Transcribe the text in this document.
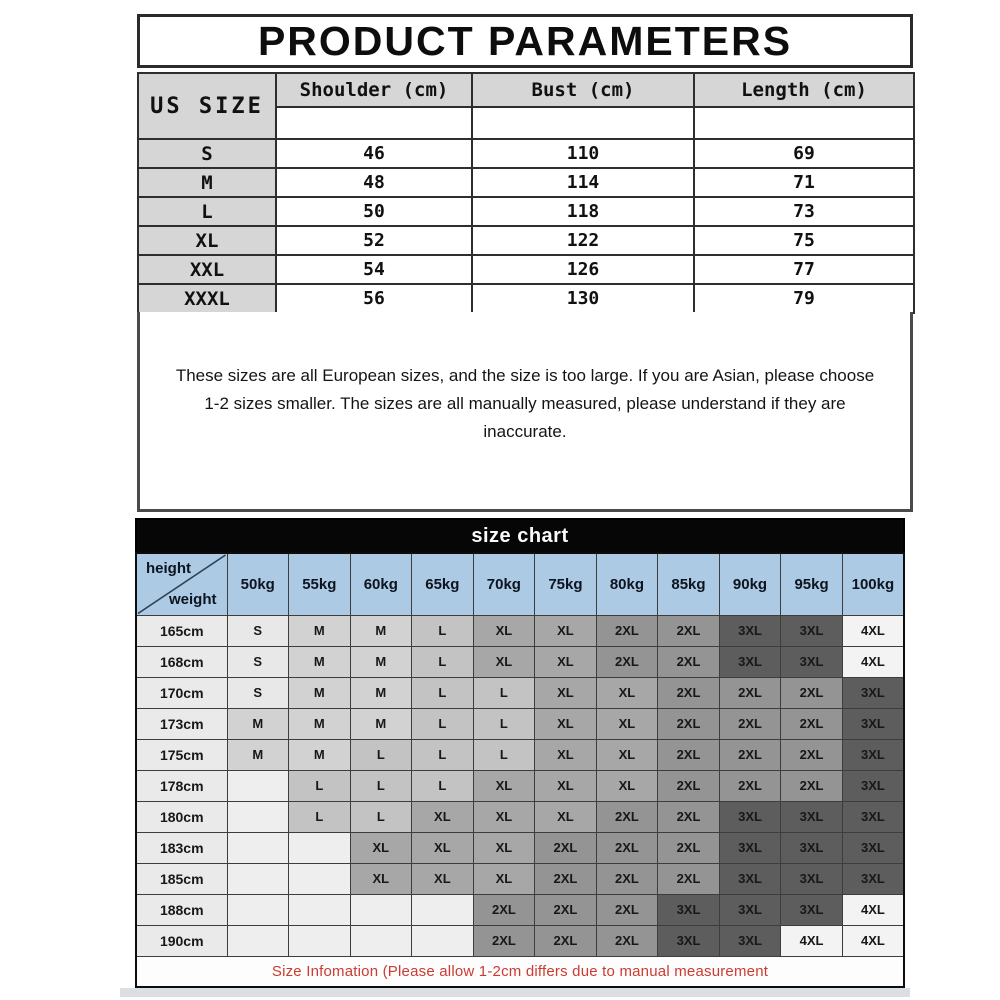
PRODUCT PARAMETERS
US SIZE	Shoulder (cm)	Bust (cm)	Length (cm)

S	46	110	69
M	48	114	71
L	50	118	73
XL	52	122	75
XXL	54	126	77
XXXL	56	130	79
These sizes are all European sizes, and the size is too large. If you are Asian, please choose
1-2 sizes smaller. The sizes are all manually measured, please understand if they are
inaccurate.
size chart
height
weight	50kg	55kg	60kg	65kg	70kg	75kg	80kg	85kg	90kg	95kg	100kg
165cm	S	M	M	L	XL	XL	2XL	2XL	3XL	3XL	4XL
168cm	S	M	M	L	XL	XL	2XL	2XL	3XL	3XL	4XL
170cm	S	M	M	L	L	XL	XL	2XL	2XL	2XL	3XL
173cm	M	M	M	L	L	XL	XL	2XL	2XL	2XL	3XL
175cm	M	M	L	L	L	XL	XL	2XL	2XL	2XL	3XL
178cm		L	L	L	XL	XL	XL	2XL	2XL	2XL	3XL
180cm		L	L	XL	XL	XL	2XL	2XL	3XL	3XL	3XL
183cm			XL	XL	XL	2XL	2XL	2XL	3XL	3XL	3XL
185cm			XL	XL	XL	2XL	2XL	2XL	3XL	3XL	3XL
188cm					2XL	2XL	2XL	3XL	3XL	3XL	4XL
190cm					2XL	2XL	2XL	3XL	3XL	4XL	4XL
Size Infomation (Please allow 1-2cm differs due to manual measurement											
